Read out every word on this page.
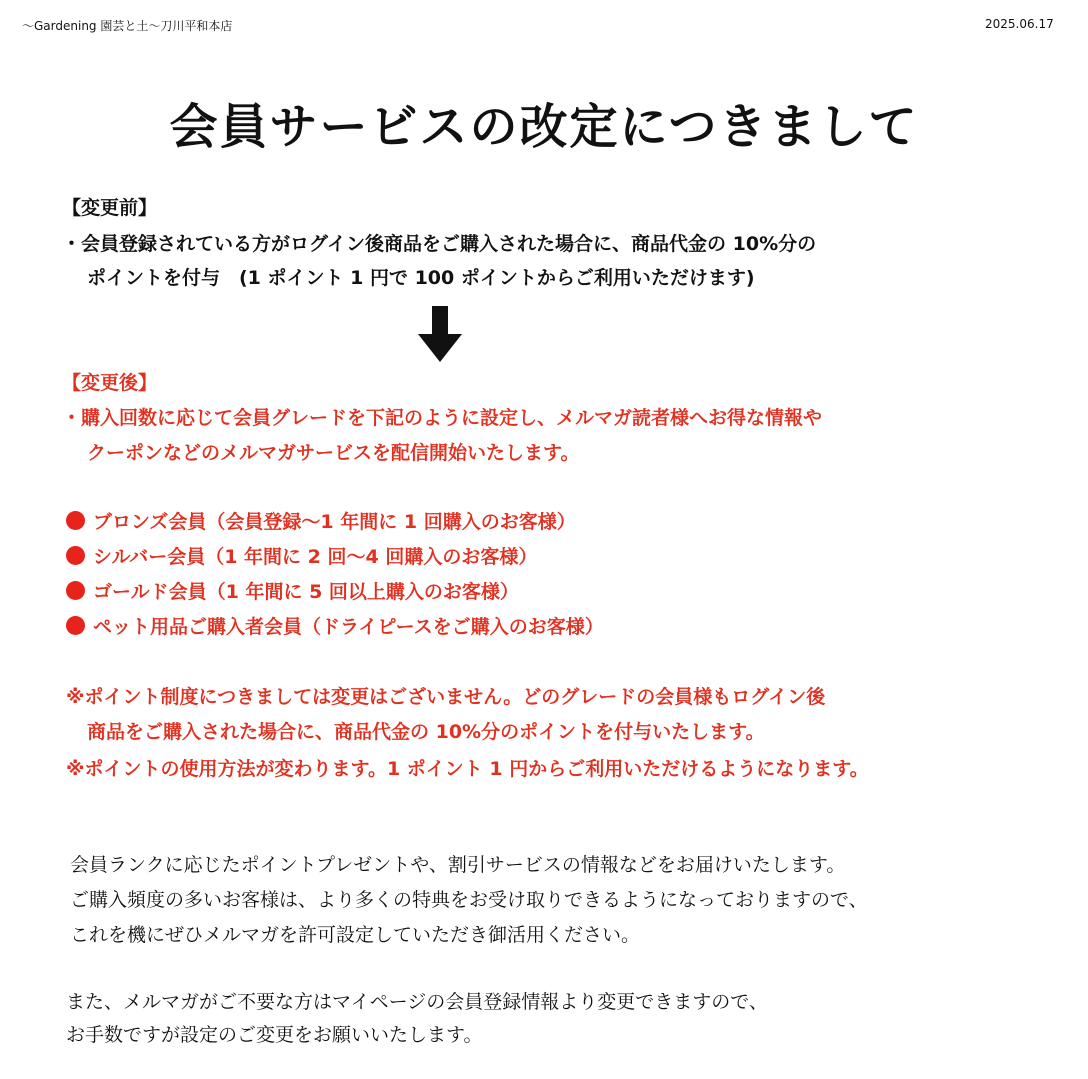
〜Gardening 園芸と土〜刀川平和本店	2025.06.17
会員サービスの改定につきまして
【変更前】
・会員登録されている方がログイン後商品をご購入された場合に、商品代金の 10%分の
ポイントを付与　(1 ポイント 1 円で 100 ポイントからご利用いただけます)
【変更後】
・購入回数に応じて会員グレードを下記のように設定し、メルマガ読者様へお得な情報や
クーポンなどのメルマガサービスを配信開始いたします。
ブロンズ会員（会員登録〜1 年間に 1 回購入のお客様）
シルバー会員（1 年間に 2 回〜4 回購入のお客様）
ゴールド会員（1 年間に 5 回以上購入のお客様）
ペット用品ご購入者会員（ドライピースをご購入のお客様）
※ポイント制度につきましては変更はございません。どのグレードの会員様もログイン後
商品をご購入された場合に、商品代金の 10%分のポイントを付与いたします。
※ポイントの使用方法が変わります。1 ポイント 1 円からご利用いただけるようになります。
会員ランクに応じたポイントプレゼントや、割引サービスの情報などをお届けいたします。
ご購入頻度の多いお客様は、より多くの特典をお受け取りできるようになっておりますので、
これを機にぜひメルマガを許可設定していただき御活用ください。
また、メルマガがご不要な方はマイページの会員登録情報より変更できますので、
お手数ですが設定のご変更をお願いいたします。
